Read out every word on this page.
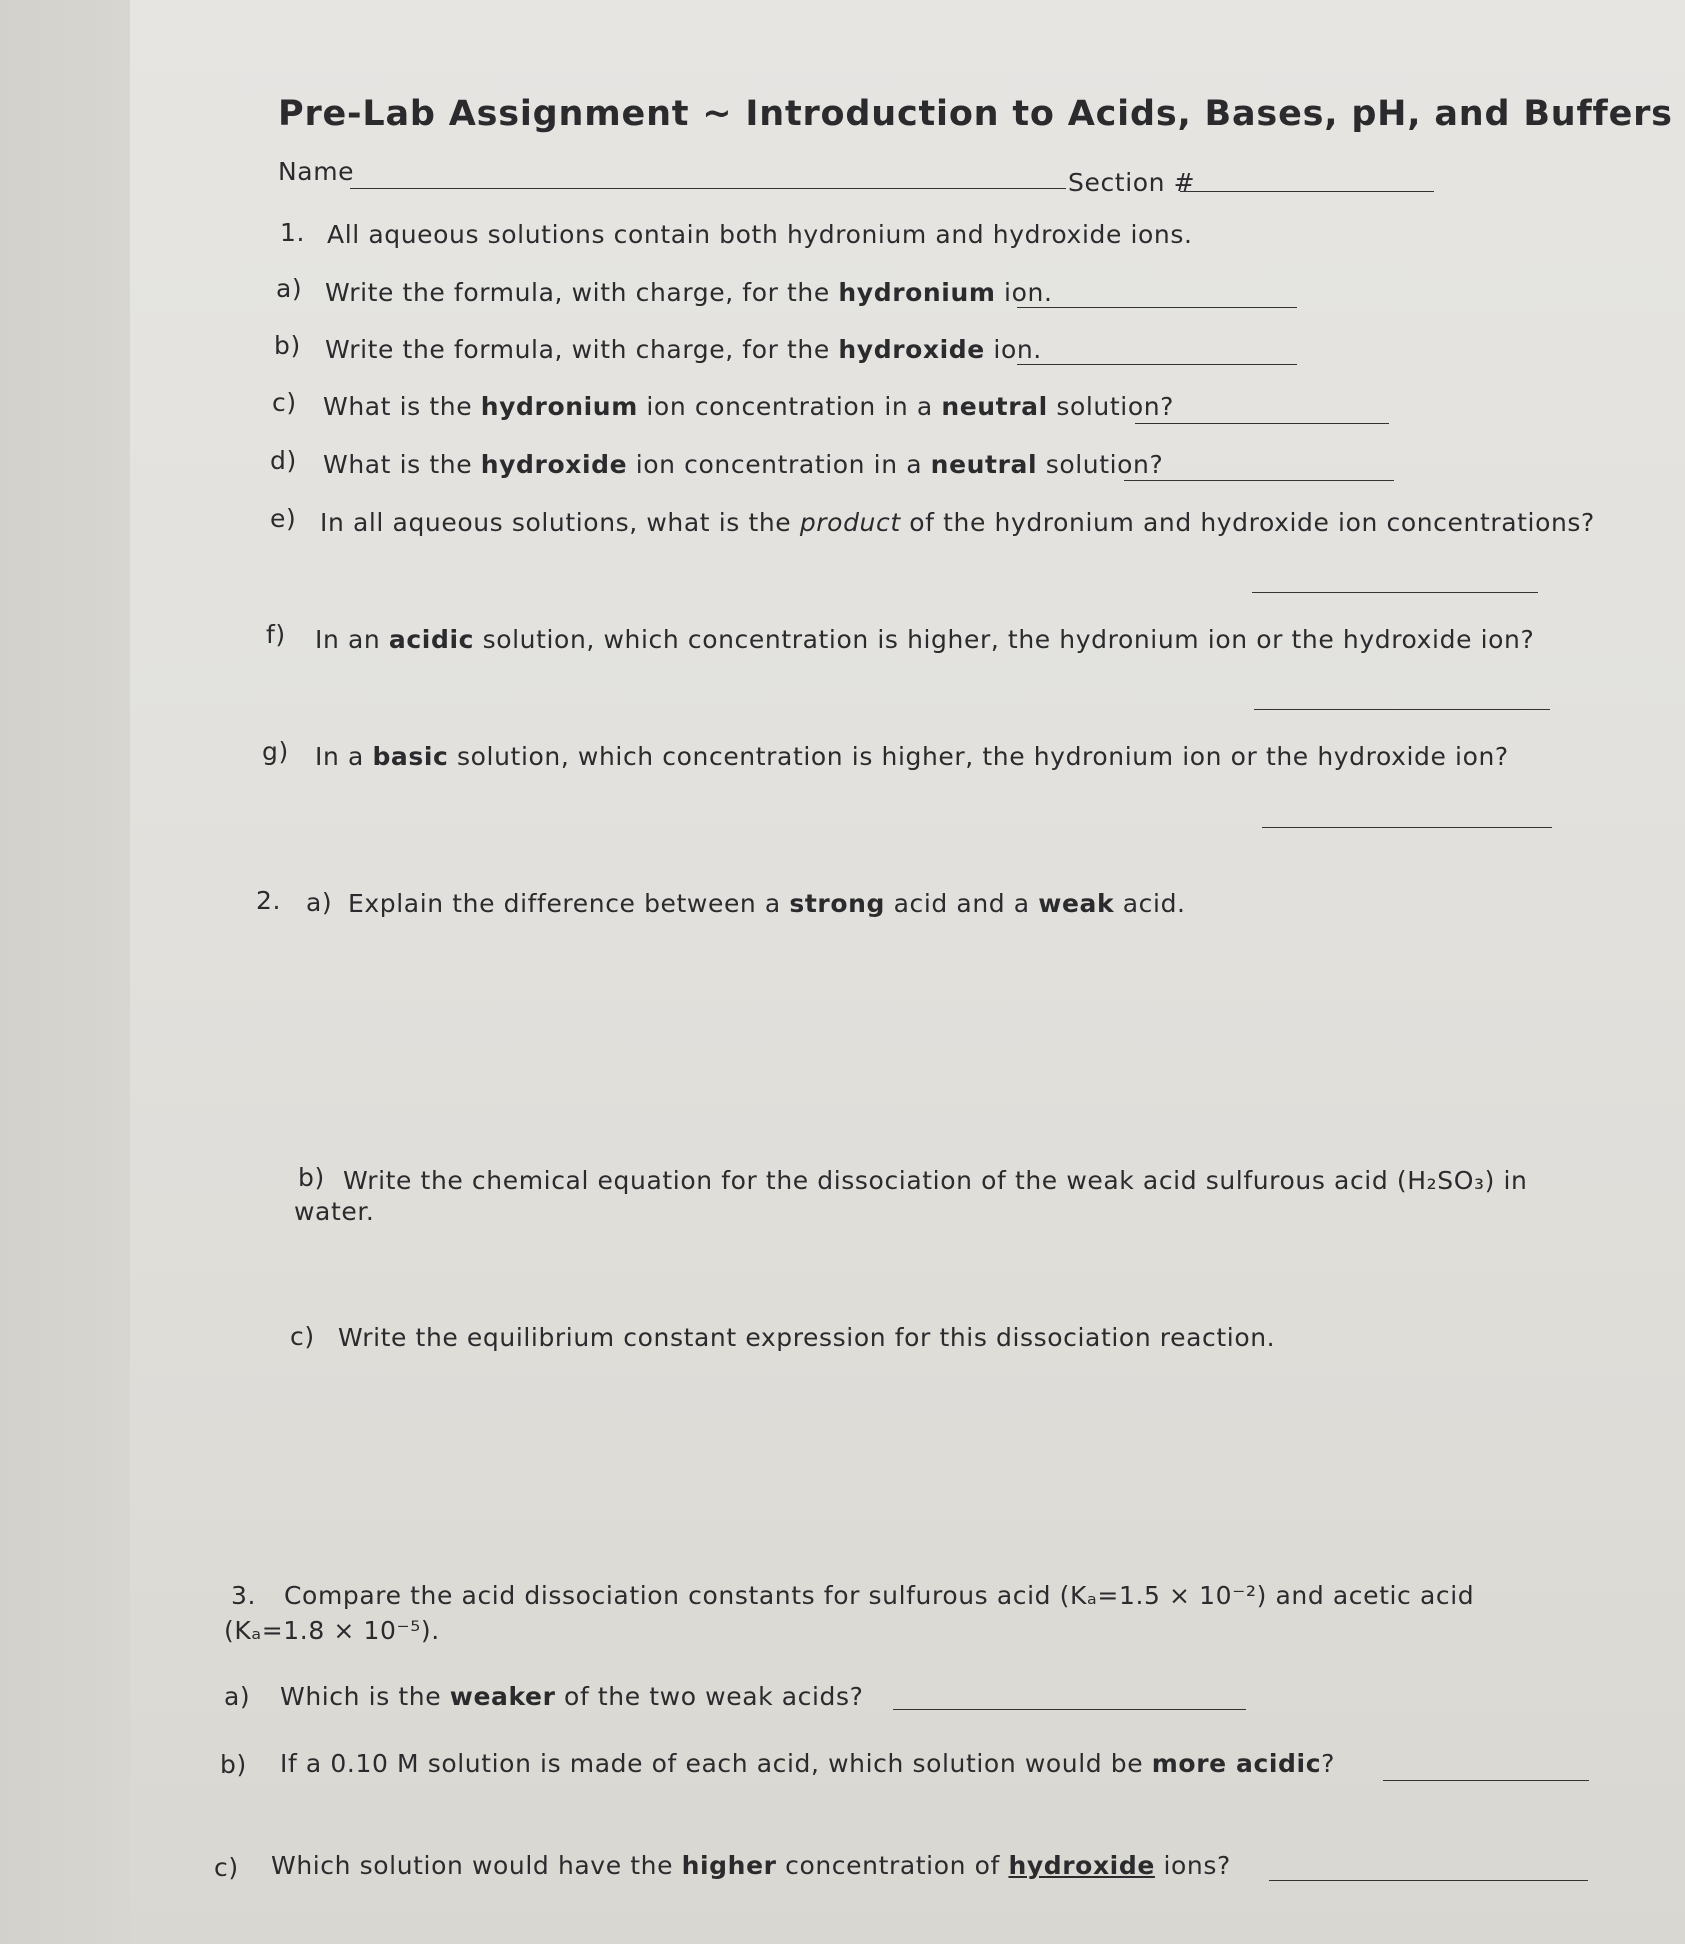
Pre-Lab Assignment ~ Introduction to Acids, Bases, pH, and Buffers
Name	Section #
1. All aqueous solutions contain both hydronium and hydroxide ions.
a) Write the formula, with charge, for the hydronium ion.
b) Write the formula, with charge, for the hydroxide ion.
c) What is the hydronium ion concentration in a neutral solution?
d) What is the hydroxide ion concentration in a neutral solution?
e) In all aqueous solutions, what is the product of the hydronium and hydroxide ion concentrations?
f) In an acidic solution, which concentration is higher, the hydronium ion or the hydroxide ion?
g) In a basic solution, which concentration is higher, the hydronium ion or the hydroxide ion?
2. a) Explain the difference between a strong acid and a weak acid.
b) Write the chemical equation for the dissociation of the weak acid sulfurous acid (H₂SO₃) in
water.
c) Write the equilibrium constant expression for this dissociation reaction.
3. Compare the acid dissociation constants for sulfurous acid (Kₐ=1.5 × 10⁻²) and acetic acid
(Kₐ=1.8 × 10⁻⁵).
a) Which is the weaker of the two weak acids?
b) If a 0.10 M solution is made of each acid, which solution would be more acidic?
c) Which solution would have the higher concentration of hydroxide ions?
